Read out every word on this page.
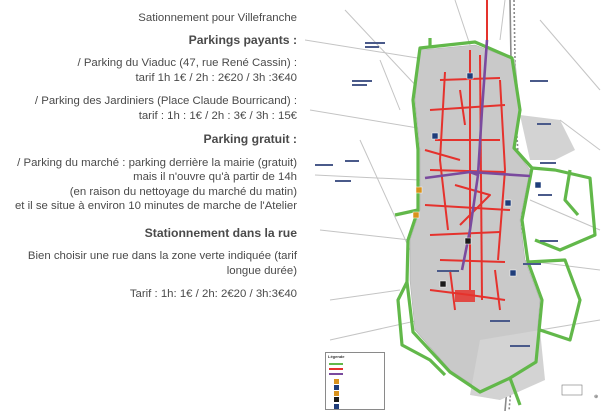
Sationnement pour Villefranche

Parkings payants :

/ Parking du Viaduc (47, rue René Cassin) :
tarif 1h 1€ / 2h : 2€20 / 3h :3€40

/ Parking des Jardiniers (Place Claude Bourricand) :
tarif : 1h : 1€ / 2h : 3€ / 3h : 15€

Parking gratuit :

/ Parking du marché : parking derrière la mairie (gratuit)
mais il n'ouvre qu'à partir de 14h
(en raison du nettoyage du marché du matin)
et il se situe à environ 10 minutes de marche de l'Atelier

Stationnement dans la rue

Bien choisir une rue dans la zone verte indiquée (tarif
longue durée)

Tarif : 1h: 1€ / 2h: 2€20 / 3h:3€40

⊕
Légende
